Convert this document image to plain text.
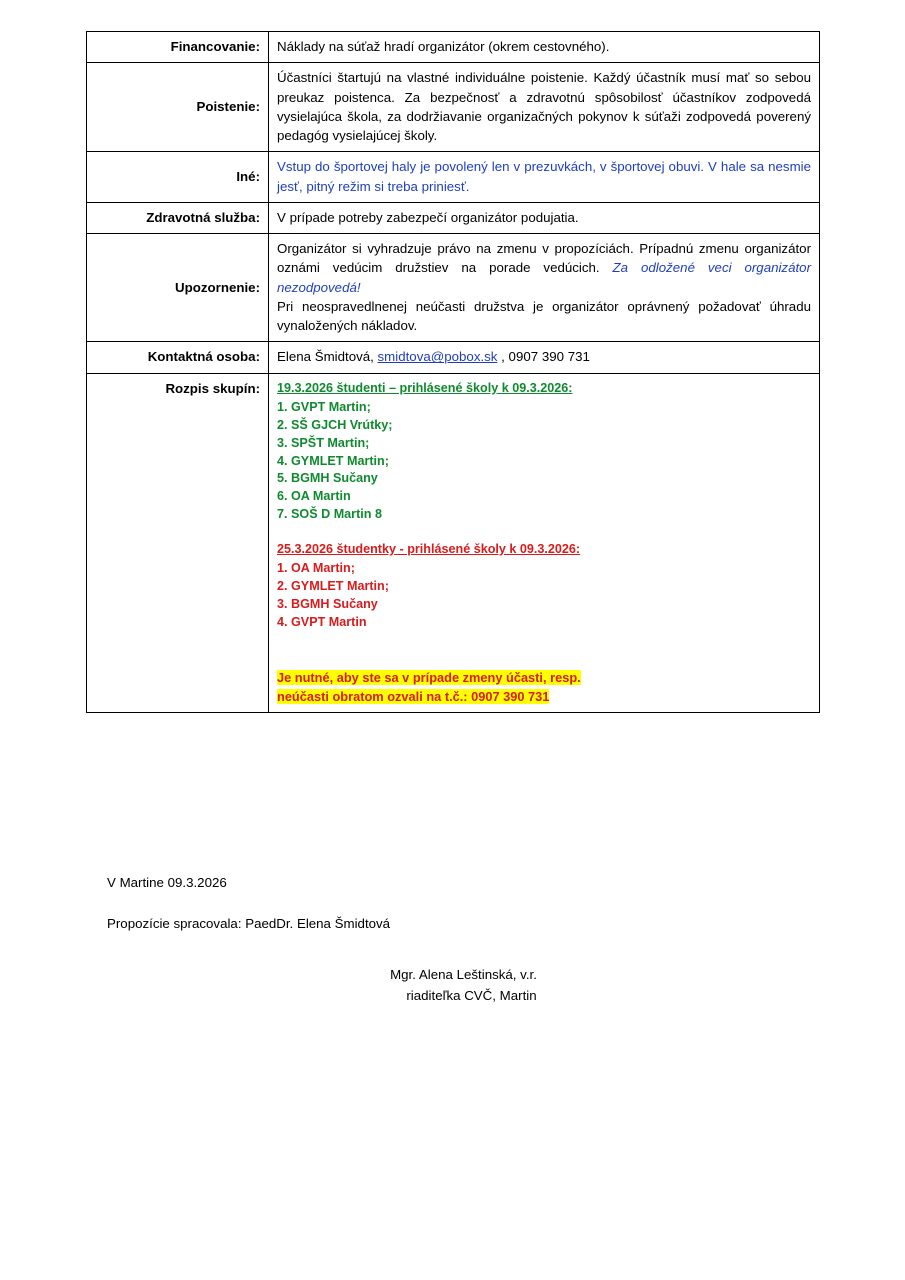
Financovanie:	Náklady na súťaž hradí organizátor (okrem cestovného).
Poistenie:	Účastníci štartujú na vlastné individuálne poistenie. Každý účastník musí mať so sebou preukaz poistenca. Za bezpečnosť a zdravotnú spôsobilosť účastníkov zodpovedá vysielajúca škola, za dodržiavanie organizačných pokynov k súťaži zodpovedá poverený pedagóg vysielajúcej školy.

Iné:	Vstup do športovej haly je povolený len v prezuvkách, v športovej obuvi. V hale sa nesmie jesť, pitný režim si treba priniesť.

Zdravotná služba:	V prípade potreby zabezpečí organizátor podujatia.
Upozornenie:	Organizátor si vyhradzuje právo na zmenu v propozíciách. Prípadnú zmenu organizátor oznámi vedúcim družstiev na porade vedúcich. Za odložené veci organizátor nezodpovedá!

Pri neospravedlnenej neúčasti družstva je organizátor oprávnený požadovať úhradu vynaložených nákladov.

Kontaktná osoba:	Elena Šmidtová, smidtova@pobox.sk , 0907 390 731
Rozpis skupín:	19.3.2026 študenti – prihlásené školy k 09.3.2026:

1. GVPT Martin;
2. SŠ GJCH Vrútky;
3. SPŠT Martin;
4. GYMLET Martin;
5. BGMH Sučany
6. OA Martin
7. SOŠ D Martin 8

25.3.2026 študentky - prihlásené školy k 09.3.2026:

1. OA Martin;
2. GYMLET Martin;
3. BGMH Sučany
4. GVPT Martin
Je nutné, aby ste sa v prípade zmeny účasti, resp.
neúčasti obratom ozvali na t.č.: 0907 390 731

V Martine 09.3.2026

Propozície spracovala: PaedDr. Elena Šmidtová

Mgr. Alena Leštinská, v.r.
riaditeľka CVČ, Martin
